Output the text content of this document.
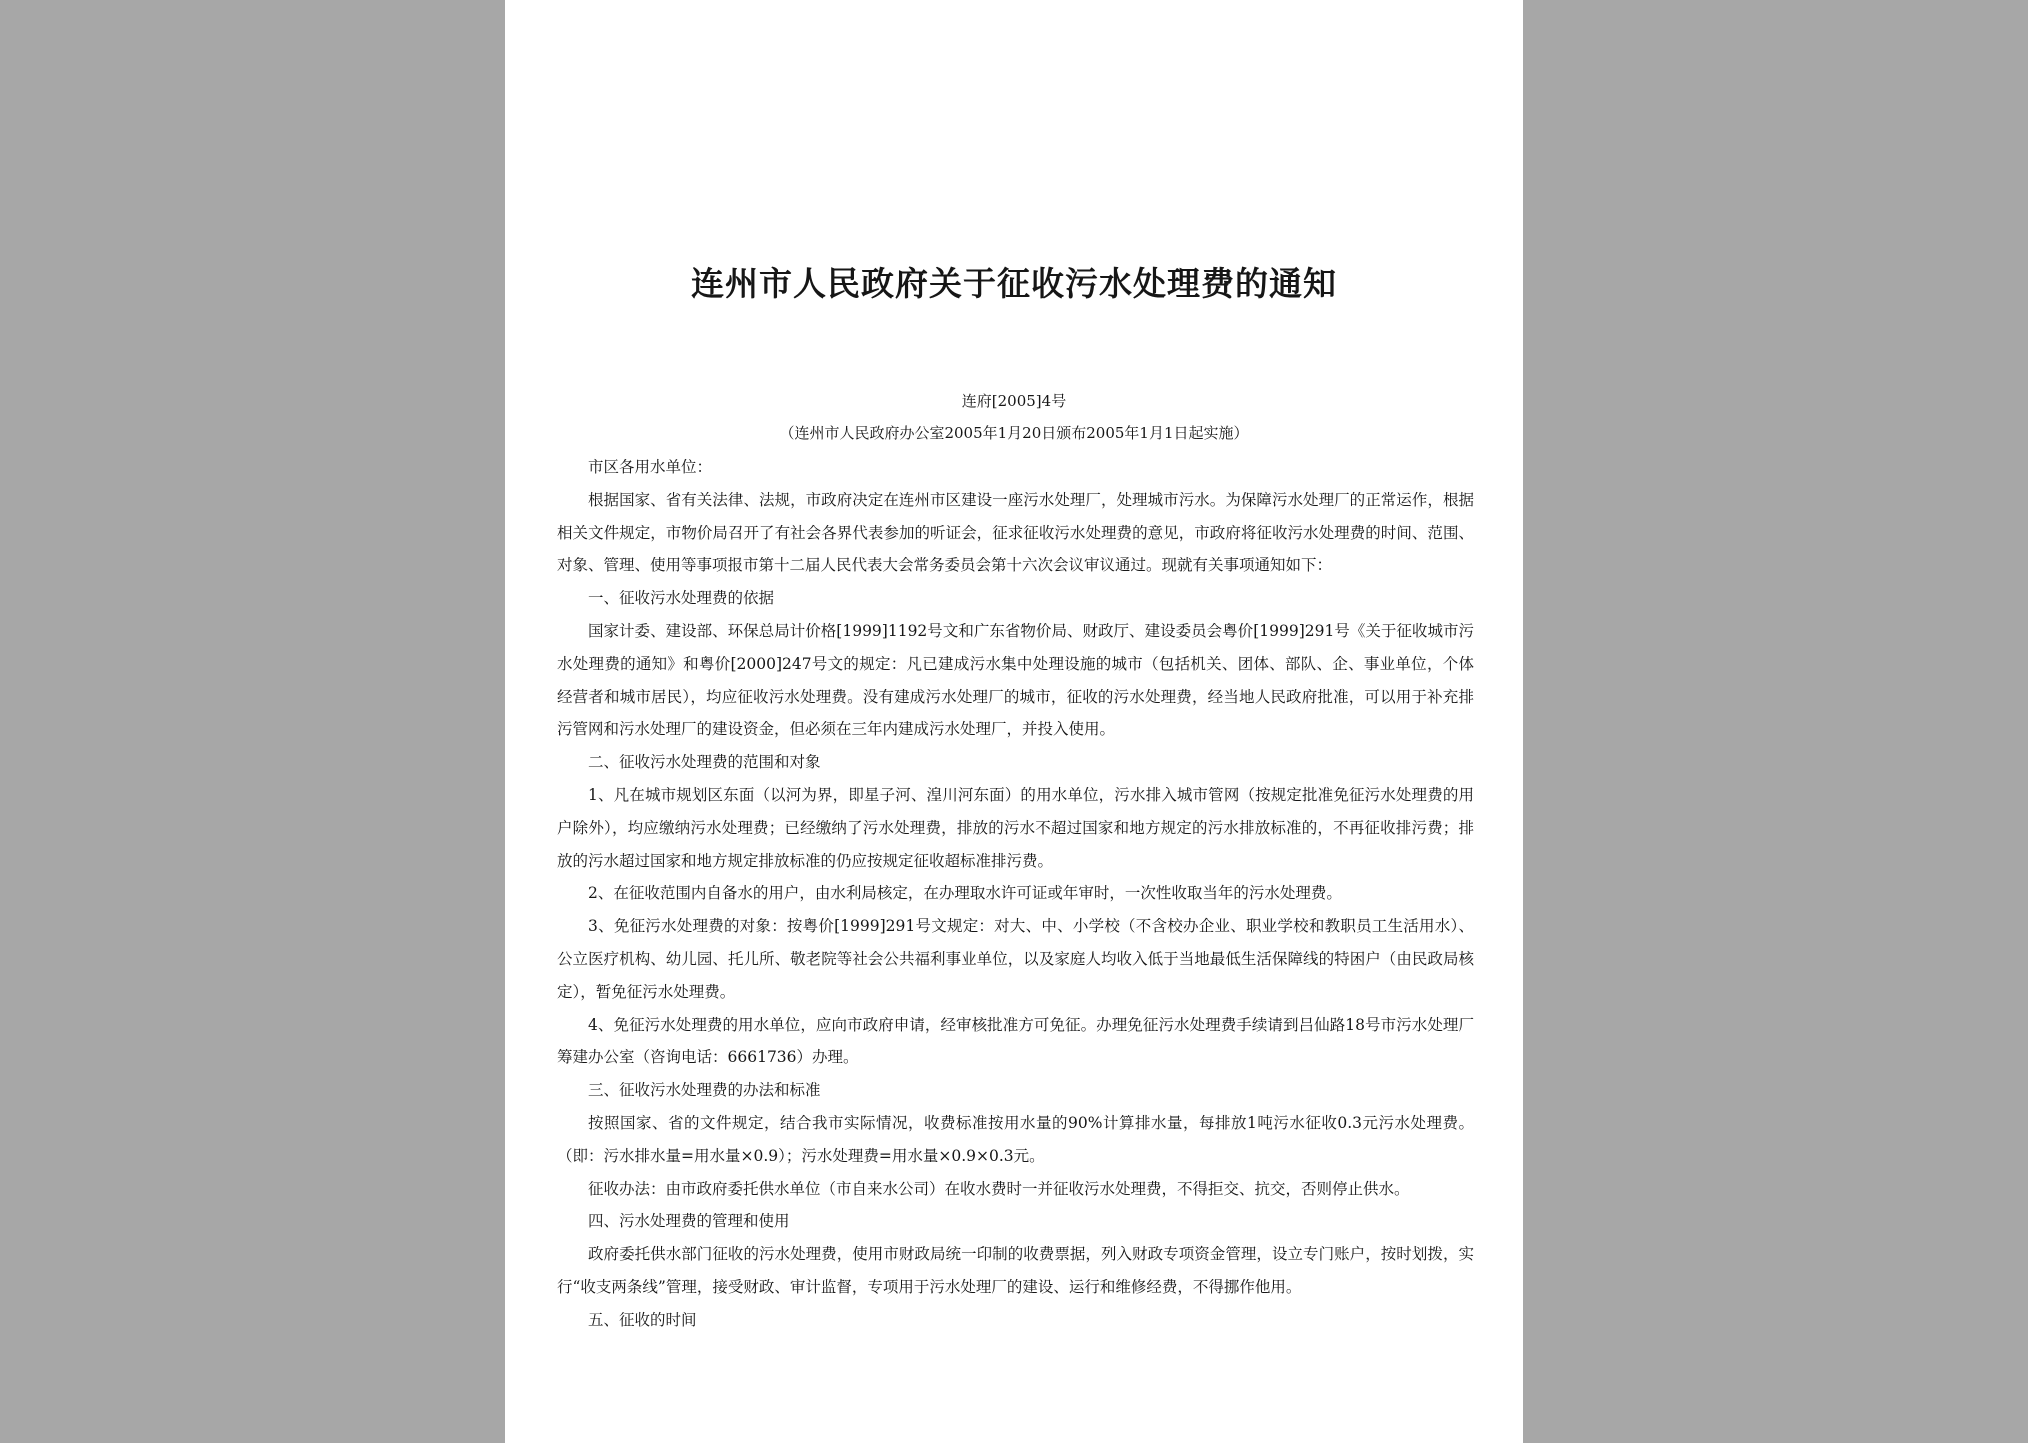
连州市人民政府关于征收污水处理费的通知
连府[2005]4号
（连州市人民政府办公室2005年1月20日颁布2005年1月1日起实施）

市区各用水单位：

根据国家、省有关法律、法规，市政府决定在连州市区建设一座污水处理厂，处理城市污水。为保障污水处理厂的正常运作，根据相关文件规定，市物价局召开了有社会各界代表参加的听证会，征求征收污水处理费的意见，市政府将征收污水处理费的时间、范围、对象、管理、使用等事项报市第十二届人民代表大会常务委员会第十六次会议审议通过。现就有关事项通知如下：

一、征收污水处理费的依据

国家计委、建设部、环保总局计价格[1999]1192号文和广东省物价局、财政厅、建设委员会粤价[1999]291号《关于征收城市污水处理费的通知》和粤价[2000]247号文的规定：凡已建成污水集中处理设施的城市（包括机关、团体、部队、企、事业单位，个体经营者和城市居民），均应征收污水处理费。没有建成污水处理厂的城市，征收的污水处理费，经当地人民政府批准，可以用于补充排污管网和污水处理厂的建设资金，但必须在三年内建成污水处理厂，并投入使用。

二、征收污水处理费的范围和对象

1、凡在城市规划区东面（以河为界，即星子河、湟川河东面）的用水单位，污水排入城市管网（按规定批准免征污水处理费的用户除外），均应缴纳污水处理费；已经缴纳了污水处理费，排放的污水不超过国家和地方规定的污水排放标准的，不再征收排污费；排放的污水超过国家和地方规定排放标准的仍应按规定征收超标准排污费。

2、在征收范围内自备水的用户，由水利局核定，在办理取水许可证或年审时，一次性收取当年的污水处理费。

3、免征污水处理费的对象：按粤价[1999]291号文规定：对大、中、小学校（不含校办企业、职业学校和教职员工生活用水）、公立医疗机构、幼儿园、托儿所、敬老院等社会公共福利事业单位，以及家庭人均收入低于当地最低生活保障线的特困户（由民政局核定），暂免征污水处理费。

4、免征污水处理费的用水单位，应向市政府申请，经审核批准方可免征。办理免征污水处理费手续请到吕仙路18号市污水处理厂筹建办公室（咨询电话：6661736）办理。

三、征收污水处理费的办法和标准

按照国家、省的文件规定，结合我市实际情况，收费标准按用水量的90%计算排水量，每排放1吨污水征收0.3元污水处理费。（即：污水排水量=用水量×0.9）；污水处理费=用水量×0.9×0.3元。

征收办法：由市政府委托供水单位（市自来水公司）在收水费时一并征收污水处理费，不得拒交、抗交，否则停止供水。

四、污水处理费的管理和使用

政府委托供水部门征收的污水处理费，使用市财政局统一印制的收费票据，列入财政专项资金管理，设立专门账户，按时划拨，实行“收支两条线”管理，接受财政、审计监督，专项用于污水处理厂的建设、运行和维修经费，不得挪作他用。

五、征收的时间
